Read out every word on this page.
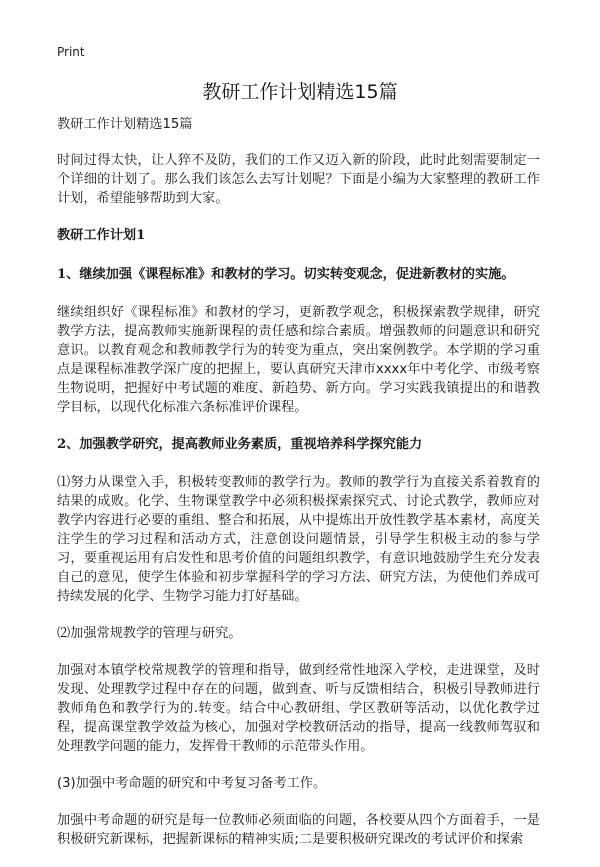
Print
教研工作计划精选15篇

教研工作计划精选15篇

时间过得太快，让人猝不及防，我们的工作又迈入新的阶段，此时此刻需要制定一个详细的计划了。那么我们该怎么去写计划呢？下面是小编为大家整理的教研工作计划，希望能够帮助到大家。

教研工作计划1

1、继续加强《课程标准》和教材的学习。切实转变观念，促进新教材的实施。

继续组织好《课程标准》和教材的学习，更新教学观念，积极探索教学规律，研究教学方法，提高教师实施新课程的责任感和综合素质。增强教师的问题意识和研究意识。以教育观念和教师教学行为的转变为重点，突出案例教学。本学期的学习重点是课程标准教学深广度的把握上，要认真研究天津市xxxx年中考化学、市级考察生物说明，把握好中考试题的难度、新趋势、新方向。学习实践我镇提出的和谐教学目标，以现代化标准六条标准评价课程。

2、加强教学研究，提高教师业务素质，重视培养科学探究能力

⑴努力从课堂入手，积极转变教师的教学行为。教师的教学行为直接关系着教育的结果的成败。化学、生物课堂教学中必须积极探索探究式、讨论式教学，教师应对教学内容进行必要的重组、整合和拓展，从中提炼出开放性教学基本素材，高度关注学生的学习过程和活动方式，注意创设问题情景，引导学生积极主动的参与学习，要重视运用有启发性和思考价值的问题组织教学，有意识地鼓励学生充分发表自己的意见，使学生体验和初步掌握科学的学习方法、研究方法，为使他们养成可持续发展的化学、生物学习能力打好基础。

⑵加强常规教学的管理与研究。

加强对本镇学校常规教学的管理和指导，做到经常性地深入学校，走进课堂，及时发现、处理教学过程中存在的问题，做到查、听与反馈相结合，积极引导教师进行教师角色和教学行为的.转变。结合中心教研组、学区教研等活动，以优化教学过程，提高课堂教学效益为核心，加强对学校教研活动的指导，提高一线教师驾驭和处理教学问题的能力，发挥骨干教师的示范带头作用。

(3)加强中考命题的研究和中考复习备考工作。

加强中考命题的研究是每一位教师必须面临的问题，各校要从四个方面着手，一是积极研究新课标，把握新课标的精神实质;二是要积极研究课改的考试评价和探索
